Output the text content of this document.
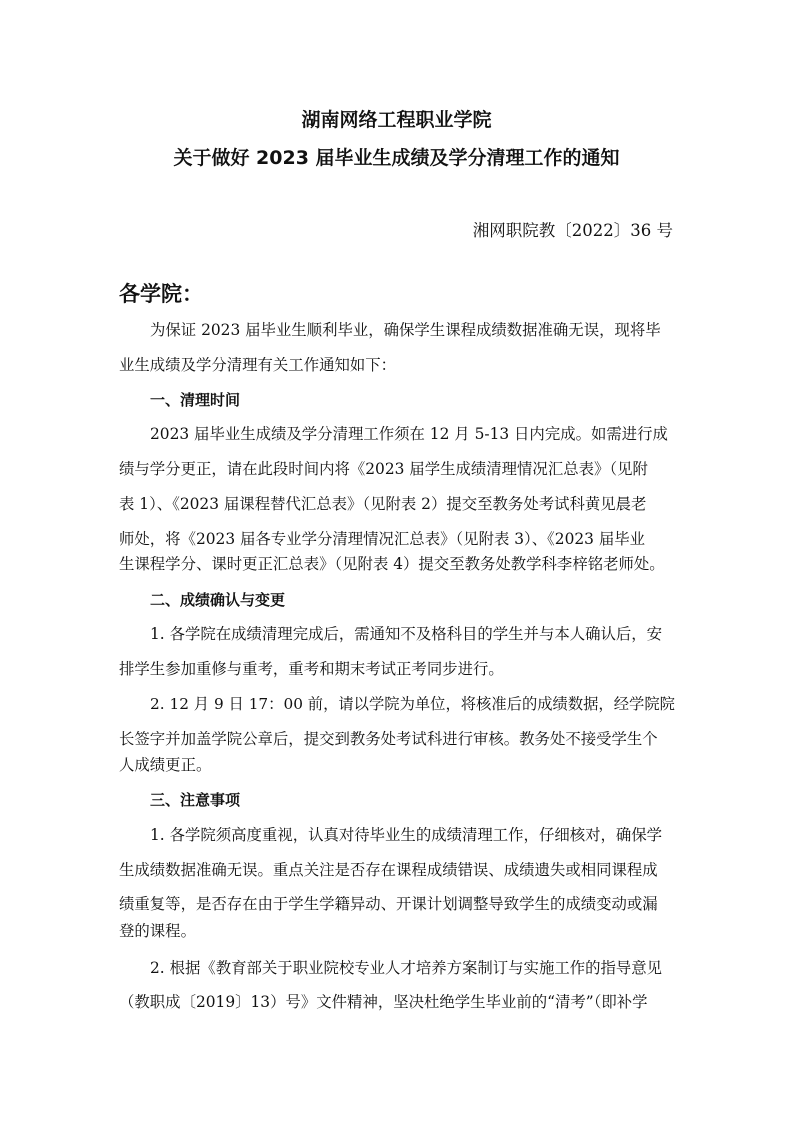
湖南网络工程职业学院
关于做好 2023 届毕业生成绩及学分清理工作的通知
湘网职院教〔2022〕36 号
各学院：
为保证 2023 届毕业生顺利毕业，确保学生课程成绩数据准确无误，现将毕
业生成绩及学分清理有关工作通知如下：
一、清理时间
2023 届毕业生成绩及学分清理工作须在 12 月 5-13 日内完成。如需进行成
绩与学分更正，请在此段时间内将《2023 届学生成绩清理情况汇总表》（见附
表 1）、《2023 届课程替代汇总表》（见附表 2）提交至教务处考试科黄见晨老
师处，将《2023 届各专业学分清理情况汇总表》（见附表 3）、《2023 届毕业
生课程学分、课时更正汇总表》（见附表 4）提交至教务处教学科李梓铭老师处。
二、成绩确认与变更
1. 各学院在成绩清理完成后，需通知不及格科目的学生并与本人确认后，安
排学生参加重修与重考，重考和期末考试正考同步进行。
2. 12 月 9 日 17：00 前，请以学院为单位，将核准后的成绩数据，经学院院
长签字并加盖学院公章后，提交到教务处考试科进行审核。教务处不接受学生个
人成绩更正。
三、注意事项
1. 各学院须高度重视，认真对待毕业生的成绩清理工作，仔细核对，确保学
生成绩数据准确无误。重点关注是否存在课程成绩错误、成绩遗失或相同课程成
绩重复等，是否存在由于学生学籍异动、开课计划调整导致学生的成绩变动或漏
登的课程。
2. 根据《教育部关于职业院校专业人才培养方案制订与实施工作的指导意见
（教职成〔2019〕13）号》文件精神，坚决杜绝学生毕业前的“清考”（即补学
